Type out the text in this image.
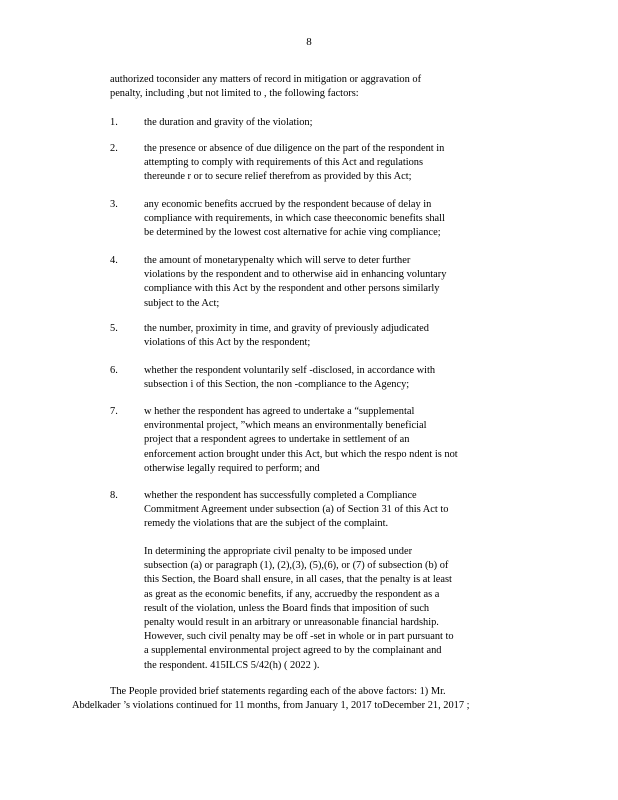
8
authorized toconsider any matters of record in mitigation or aggravation of
penalty, including ,but not limited to , the following factors:
1.	the duration and gravity of the violation;
2.	the presence or absence of due diligence on the part of the respondent in
attempting to comply with requirements of this Act and regulations
thereunde r or to secure relief therefrom as provided by this Act;
3.	any economic benefits accrued by the respondent because of delay in
compliance with requirements, in which case theeconomic benefits shall
be determined by the lowest cost alternative for achie ving compliance;
4.	the amount of monetarypenalty which will serve to deter further
violations by the respondent and to otherwise aid in enhancing voluntary
compliance with this Act by the respondent and other persons similarly
subject to the Act;
5.	the number, proximity in time, and gravity of previously adjudicated
violations of this Act by the respondent;
6.	whether the respondent voluntarily self -disclosed, in accordance with
subsection i of this Section, the non -compliance to the Agency;
7.	w hether the respondent has agreed to undertake a “supplemental
environmental project, ”which means an environmentally beneficial
project that a respondent agrees to undertake in settlement of an
enforcement action brought under this Act, but which the respo ndent is not
otherwise legally required to perform; and
8.	whether the respondent has successfully completed a Compliance
Commitment Agreement under subsection (a) of Section 31 of this Act to
remedy the violations that are the subject of the complaint.
In determining the appropriate civil penalty to be imposed under
subsection (a) or paragraph (1), (2),(3), (5),(6), or (7) of subsection (b) of
this Section, the Board shall ensure, in all cases, that the penalty is at least
as great as the economic benefits, if any, accruedby the respondent as a
result of the violation, unless the Board finds that imposition of such
penalty would result in an arbitrary or unreasonable financial hardship.
However, such civil penalty may be off -set in whole or in part pursuant to
a supplemental environmental project agreed to by the complainant and
the respondent. 415ILCS 5/42(h) ( 2022 ).
The People provided brief statements regarding each of the above factors: 1) Mr.
Abdelkader ’s violations continued for 11 months, from January 1, 2017 toDecember 21, 2017 ;
